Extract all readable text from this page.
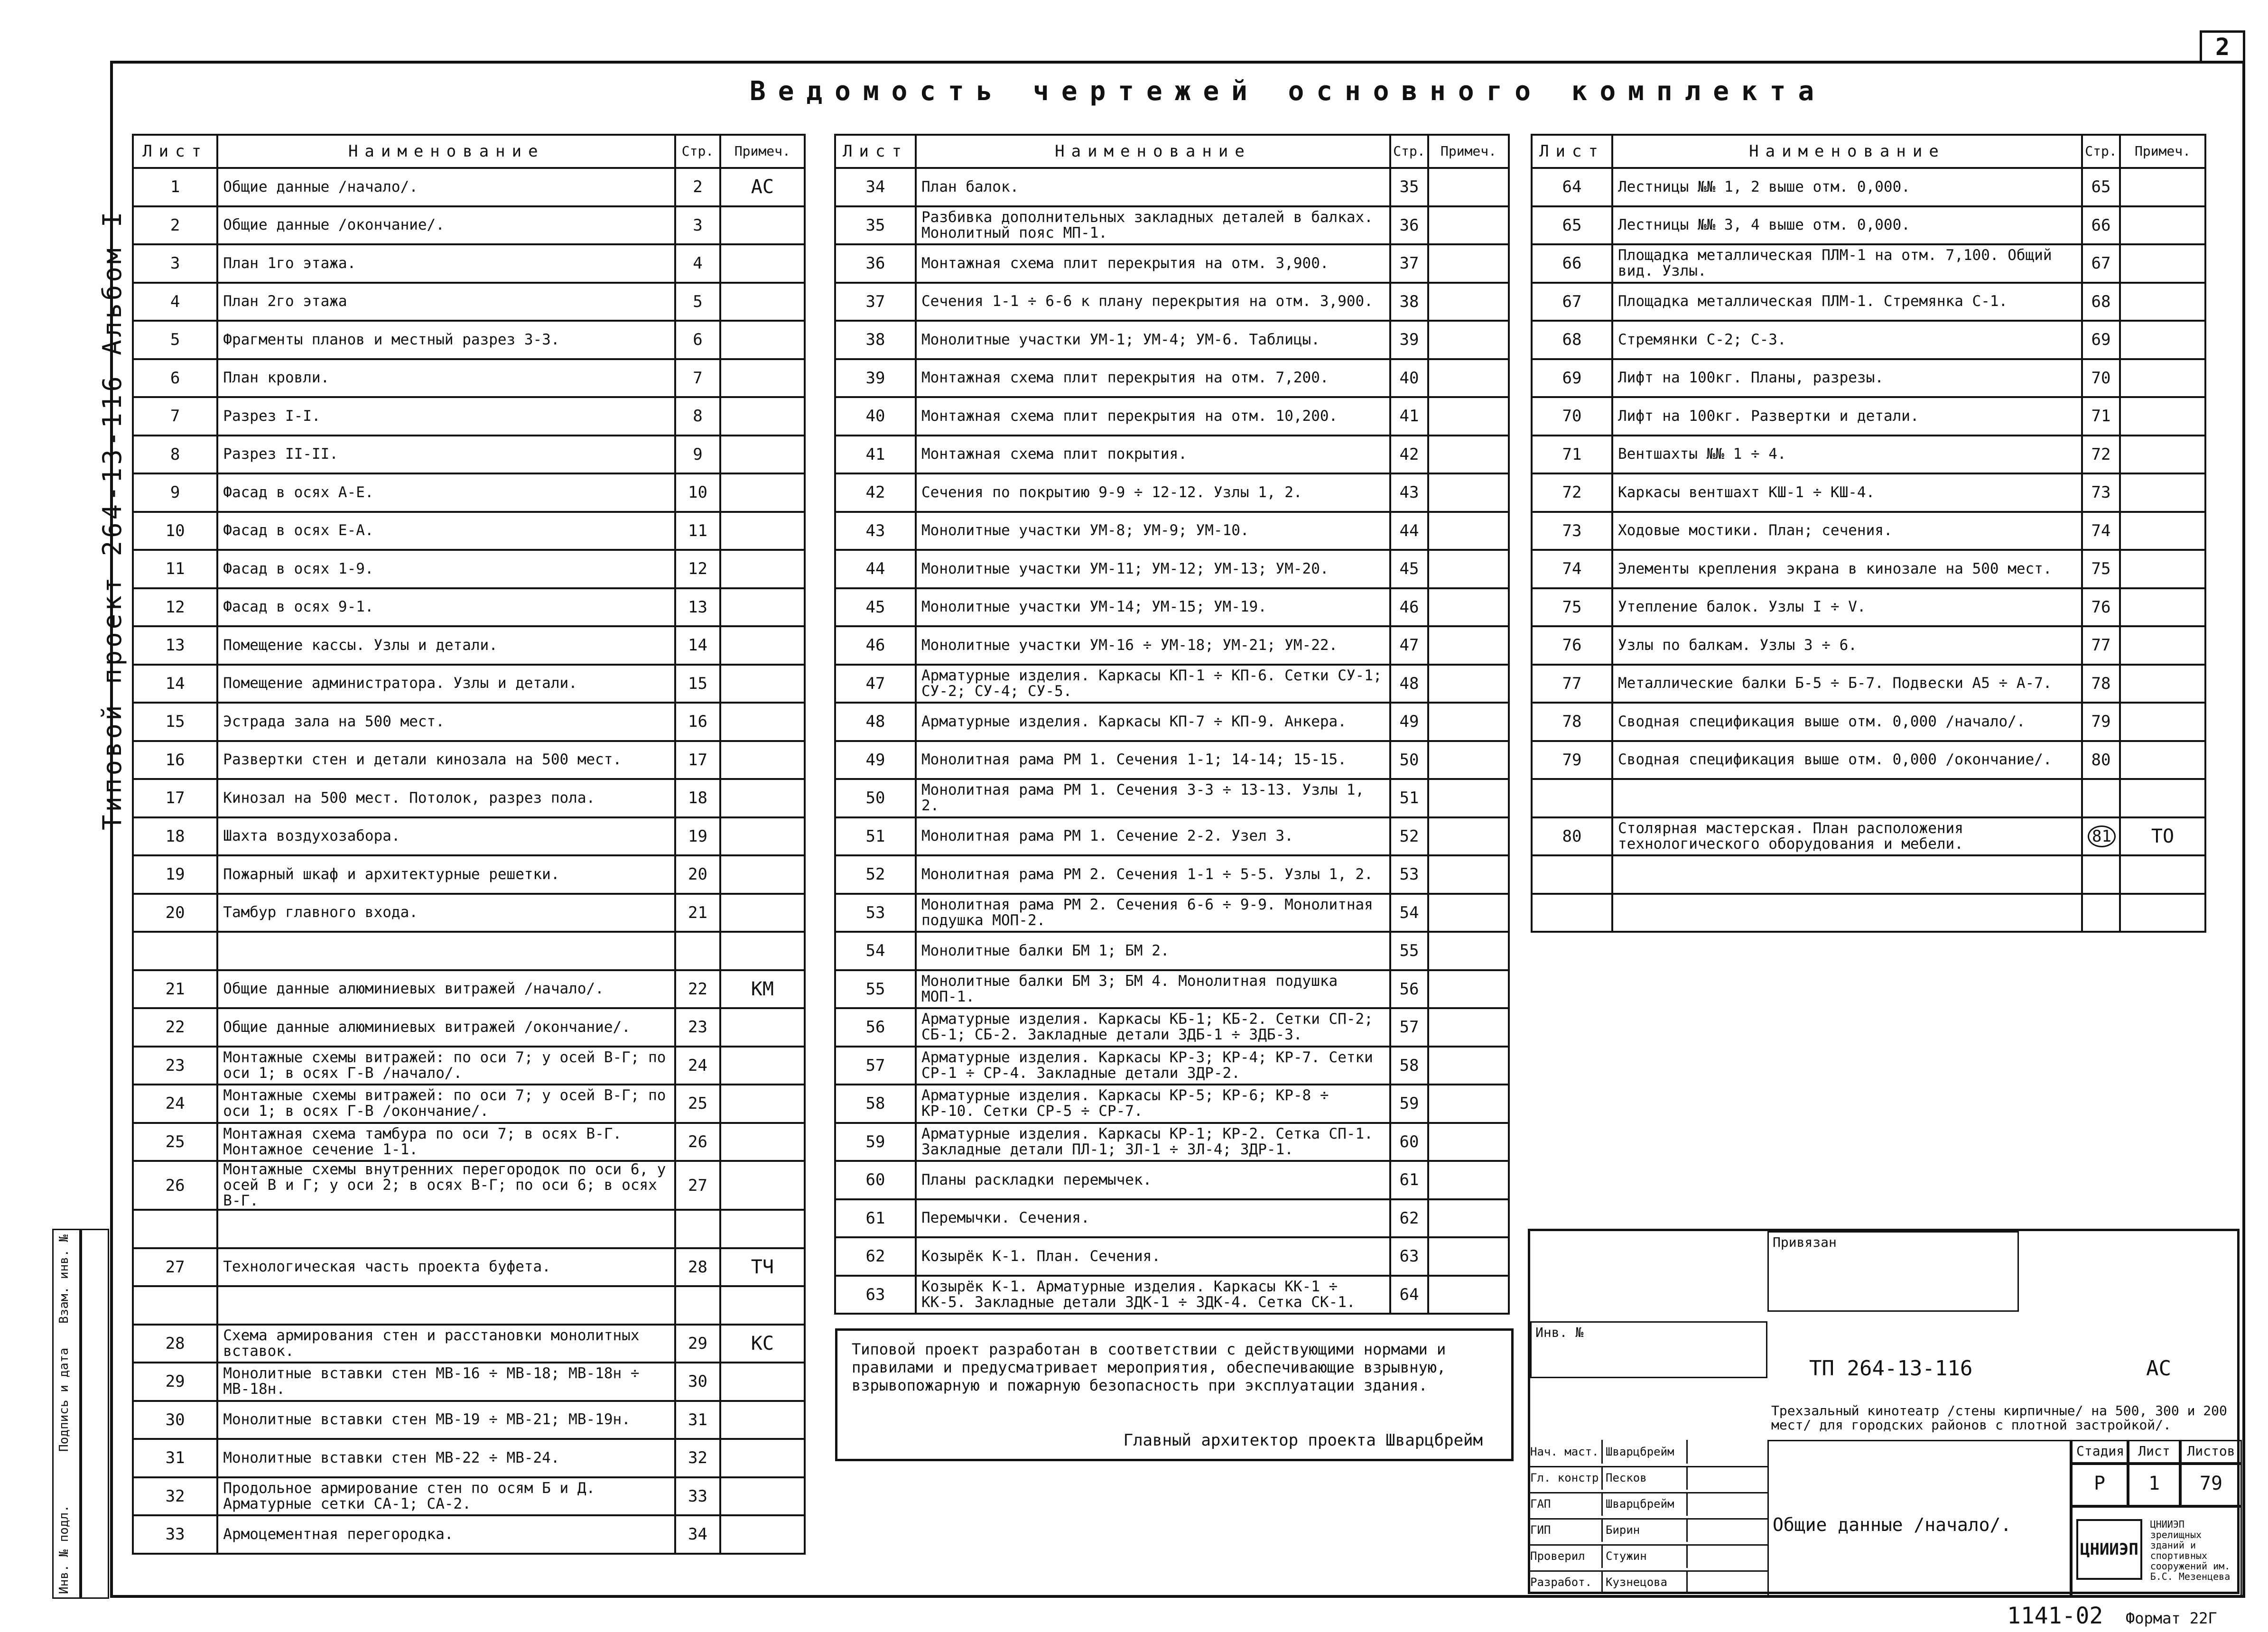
2
Типовой проект 264-13-116 Альбом I
Ведомость чертежей основного комплекта
Лист	Наименование	Стр.	Примеч.
1	Общие данные /начало/.	2	АС
2	Общие данные /окончание/.	3	
3	План 1го этажа.	4	
4	План 2го этажа	5	
5	Фрагменты планов и местный разрез 3-3.	6	
6	План кровли.	7	
7	Разрез I-I.	8	
8	Разрез II-II.	9	
9	Фасад в осях А-Е.	10	
10	Фасад в осях Е-А.	11	
11	Фасад в осях 1-9.	12	
12	Фасад в осях 9-1.	13	
13	Помещение кассы. Узлы и детали.	14	
14	Помещение администратора. Узлы и детали.	15	
15	Эстрада зала на 500 мест.	16	
16	Развертки стен и детали кинозала на 500 мест.	17	
17	Кинозал на 500 мест. Потолок, разрез пола.	18	
18	Шахта воздухозабора.	19	
19	Пожарный шкаф и архитектурные решетки.	20	
20	Тамбур главного входа.	21	

21	Общие данные алюминиевых витражей /начало/.	22	КМ
22	Общие данные алюминиевых витражей /окончание/.	23	
23	Монтажные схемы витражей: по оси 7; у осей В-Г; по оси 1; в осях Г-В /начало/.	24	
24	Монтажные схемы витражей: по оси 7; у осей В-Г; по оси 1; в осях Г-В /окончание/.	25	
25	Монтажная схема тамбура по оси 7; в осях В-Г. Монтажное сечение 1-1.	26	
26	Монтажные схемы внутренних перегородок по оси 6, у осей В и Г; у оси 2; в осях В-Г; по оси 6; в осях В-Г.	27	

27	Технологическая часть проекта буфета.	28	ТЧ

28	Схема армирования стен и расстановки монолитных вставок.	29	КС
29	Монолитные вставки стен МВ-16 ÷ МВ-18; МВ-18н ÷ МВ-18н.	30	
30	Монолитные вставки стен МВ-19 ÷ МВ-21; МВ-19н.	31	
31	Монолитные вставки стен МВ-22 ÷ МВ-24.	32	
32	Продольное армирование стен по осям Б и Д. Арматурные сетки СА-1; СА-2.	33	
33	Армоцементная перегородка.	34	
Лист	Наименование	Стр.	Примеч.
34	План балок.	35	
35	Разбивка дополнительных закладных деталей в балках. Монолитный пояс МП-1.	36	
36	Монтажная схема плит перекрытия на отм. 3,900.	37	
37	Сечения 1-1 ÷ 6-6 к плану перекрытия на отм. 3,900.	38	
38	Монолитные участки УМ-1; УМ-4; УМ-6. Таблицы.	39	
39	Монтажная схема плит перекрытия на отм. 7,200.	40	
40	Монтажная схема плит перекрытия на отм. 10,200.	41	
41	Монтажная схема плит покрытия.	42	
42	Сечения по покрытию 9-9 ÷ 12-12. Узлы 1, 2.	43	
43	Монолитные участки УМ-8; УМ-9; УМ-10.	44	
44	Монолитные участки УМ-11; УМ-12; УМ-13; УМ-20.	45	
45	Монолитные участки УМ-14; УМ-15; УМ-19.	46	
46	Монолитные участки УМ-16 ÷ УМ-18; УМ-21; УМ-22.	47	
47	Арматурные изделия. Каркасы КП-1 ÷ КП-6. Сетки СУ-1; СУ-2; СУ-4; СУ-5.	48	
48	Арматурные изделия. Каркасы КП-7 ÷ КП-9. Анкера.	49	
49	Монолитная рама РМ 1. Сечения 1-1; 14-14; 15-15.	50	
50	Монолитная рама РМ 1. Сечения 3-3 ÷ 13-13. Узлы 1, 2.	51	
51	Монолитная рама РМ 1. Сечение 2-2. Узел 3.	52	
52	Монолитная рама РМ 2. Сечения 1-1 ÷ 5-5. Узлы 1, 2.	53	
53	Монолитная рама РМ 2. Сечения 6-6 ÷ 9-9. Монолитная подушка МОП-2.	54	
54	Монолитные балки БМ 1; БМ 2.	55	
55	Монолитные балки БМ 3; БМ 4. Монолитная подушка МОП-1.	56	
56	Арматурные изделия. Каркасы КБ-1; КБ-2. Сетки СП-2; СБ-1; СБ-2. Закладные детали ЗДБ-1 ÷ ЗДБ-3.	57	
57	Арматурные изделия. Каркасы КР-3; КР-4; КР-7. Сетки СР-1 ÷ СР-4. Закладные детали ЗДР-2.	58	
58	Арматурные изделия. Каркасы КР-5; КР-6; КР-8 ÷ КР-10. Сетки СР-5 ÷ СР-7.	59	
59	Арматурные изделия. Каркасы КР-1; КР-2. Сетка СП-1. Закладные детали ПЛ-1; ЗЛ-1 ÷ ЗЛ-4; ЗДР-1.	60	
60	Планы раскладки перемычек.	61	
61	Перемычки. Сечения.	62	
62	Козырёк К-1. План. Сечения.	63	
63	Козырёк К-1. Арматурные изделия. Каркасы КК-1 ÷ КК-5. Закладные детали ЗДК-1 ÷ ЗДК-4. Сетка СК-1.	64	
Лист	Наименование	Стр.	Примеч.
64	Лестницы №№ 1, 2 выше отм. 0,000.	65	
65	Лестницы №№ 3, 4 выше отм. 0,000.	66	
66	Площадка металлическая ПЛМ-1 на отм. 7,100. Общий вид. Узлы.	67	
67	Площадка металлическая ПЛМ-1. Стремянка С-1.	68	
68	Стремянки С-2; С-3.	69	
69	Лифт на 100кг. Планы, разрезы.	70	
70	Лифт на 100кг. Развертки и детали.	71	
71	Вентшахты №№ 1 ÷ 4.	72	
72	Каркасы вентшахт КШ-1 ÷ КШ-4.	73	
73	Ходовые мостики. План; сечения.	74	
74	Элементы крепления экрана в кинозале на 500 мест.	75	
75	Утепление балок. Узлы I ÷ V.	76	
76	Узлы по балкам. Узлы 3 ÷ 6.	77	
77	Металлические балки Б-5 ÷ Б-7. Подвески А5 ÷ А-7.	78	
78	Сводная спецификация выше отм. 0,000 /начало/.	79	
79	Сводная спецификация выше отм. 0,000 /окончание/.	80	

80	Столярная мастерская. План расположения технологического оборудования и мебели.	81	ТО

Типовой проект разработан в соответствии с действующими нормами и правилами и предусматривает мероприятия, обеспечивающие взрывную, взрывопожарную и пожарную безопасность при эксплуатации здания.
Главный архитектор проекта Шварцбрейм
Инв. № подл.
Подпись и дата
Взам. инв. №	Привязан
Инв. №
ТП 264-13-116	АС
Трехзальный кинотеатр /стены кирпичные/ на 500, 300 и 200 мест/ для городских районов с плотной застройкой/.
Нач. маст. Шварцбрейм
Гл. констр.Песков
ГАП	Шварцбрейм
ГИП	Бирин
Проверил Стужин
Разработ. Кузнецова
Общие данные /начало/.
Стадия	Лист	Листов
Р	1	79
ЦНИИЭП ЦНИИЭП зрелищных зданий и спортивных сооружений им. Б.С. Мезенцева
1141-02 Формат 22Г
